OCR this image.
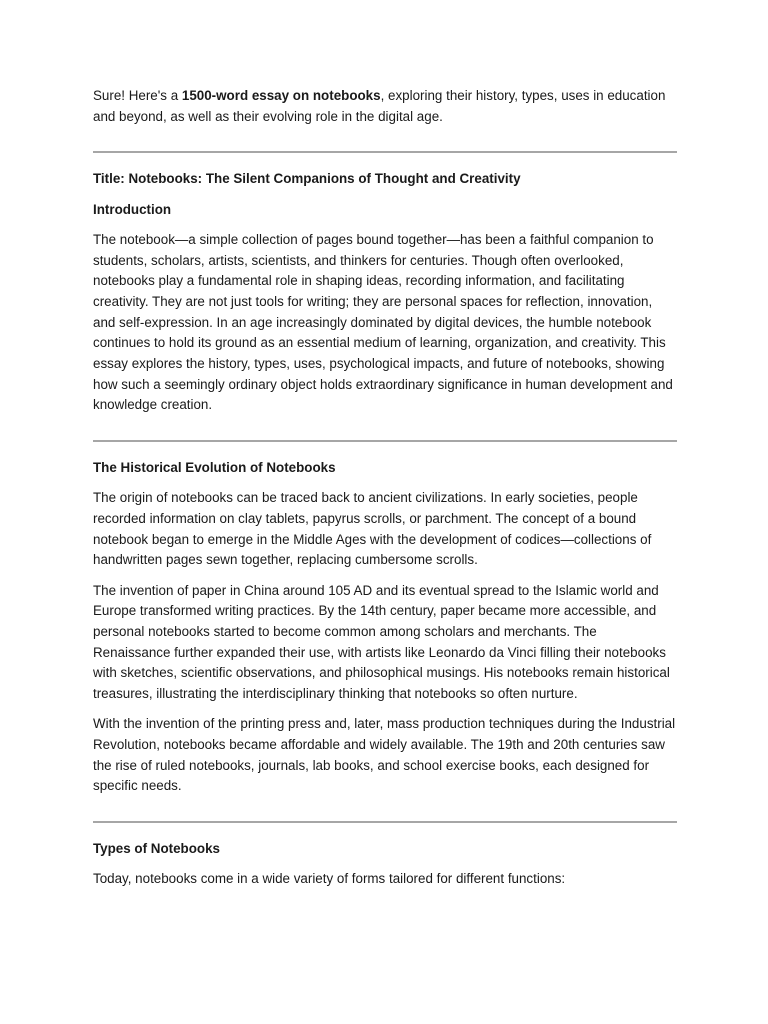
Sure! Here's a 1500-word essay on notebooks, exploring their history, types, uses in education and beyond, as well as their evolving role in the digital age.

Title: Notebooks: The Silent Companions of Thought and Creativity

Introduction

The notebook—a simple collection of pages bound together—has been a faithful companion to students, scholars, artists, scientists, and thinkers for centuries. Though often overlooked, notebooks play a fundamental role in shaping ideas, recording information, and facilitating creativity. They are not just tools for writing; they are personal spaces for reflection, innovation, and self-expression. In an age increasingly dominated by digital devices, the humble notebook continues to hold its ground as an essential medium of learning, organization, and creativity. This essay explores the history, types, uses, psychological impacts, and future of notebooks, showing how such a seemingly ordinary object holds extraordinary significance in human development and knowledge creation.

The Historical Evolution of Notebooks

The origin of notebooks can be traced back to ancient civilizations. In early societies, people recorded information on clay tablets, papyrus scrolls, or parchment. The concept of a bound notebook began to emerge in the Middle Ages with the development of codices—collections of handwritten pages sewn together, replacing cumbersome scrolls.

The invention of paper in China around 105 AD and its eventual spread to the Islamic world and Europe transformed writing practices. By the 14th century, paper became more accessible, and personal notebooks started to become common among scholars and merchants. The Renaissance further expanded their use, with artists like Leonardo da Vinci filling their notebooks with sketches, scientific observations, and philosophical musings. His notebooks remain historical treasures, illustrating the interdisciplinary thinking that notebooks so often nurture.

With the invention of the printing press and, later, mass production techniques during the Industrial Revolution, notebooks became affordable and widely available. The 19th and 20th centuries saw the rise of ruled notebooks, journals, lab books, and school exercise books, each designed for specific needs.

Types of Notebooks

Today, notebooks come in a wide variety of forms tailored for different functions:
